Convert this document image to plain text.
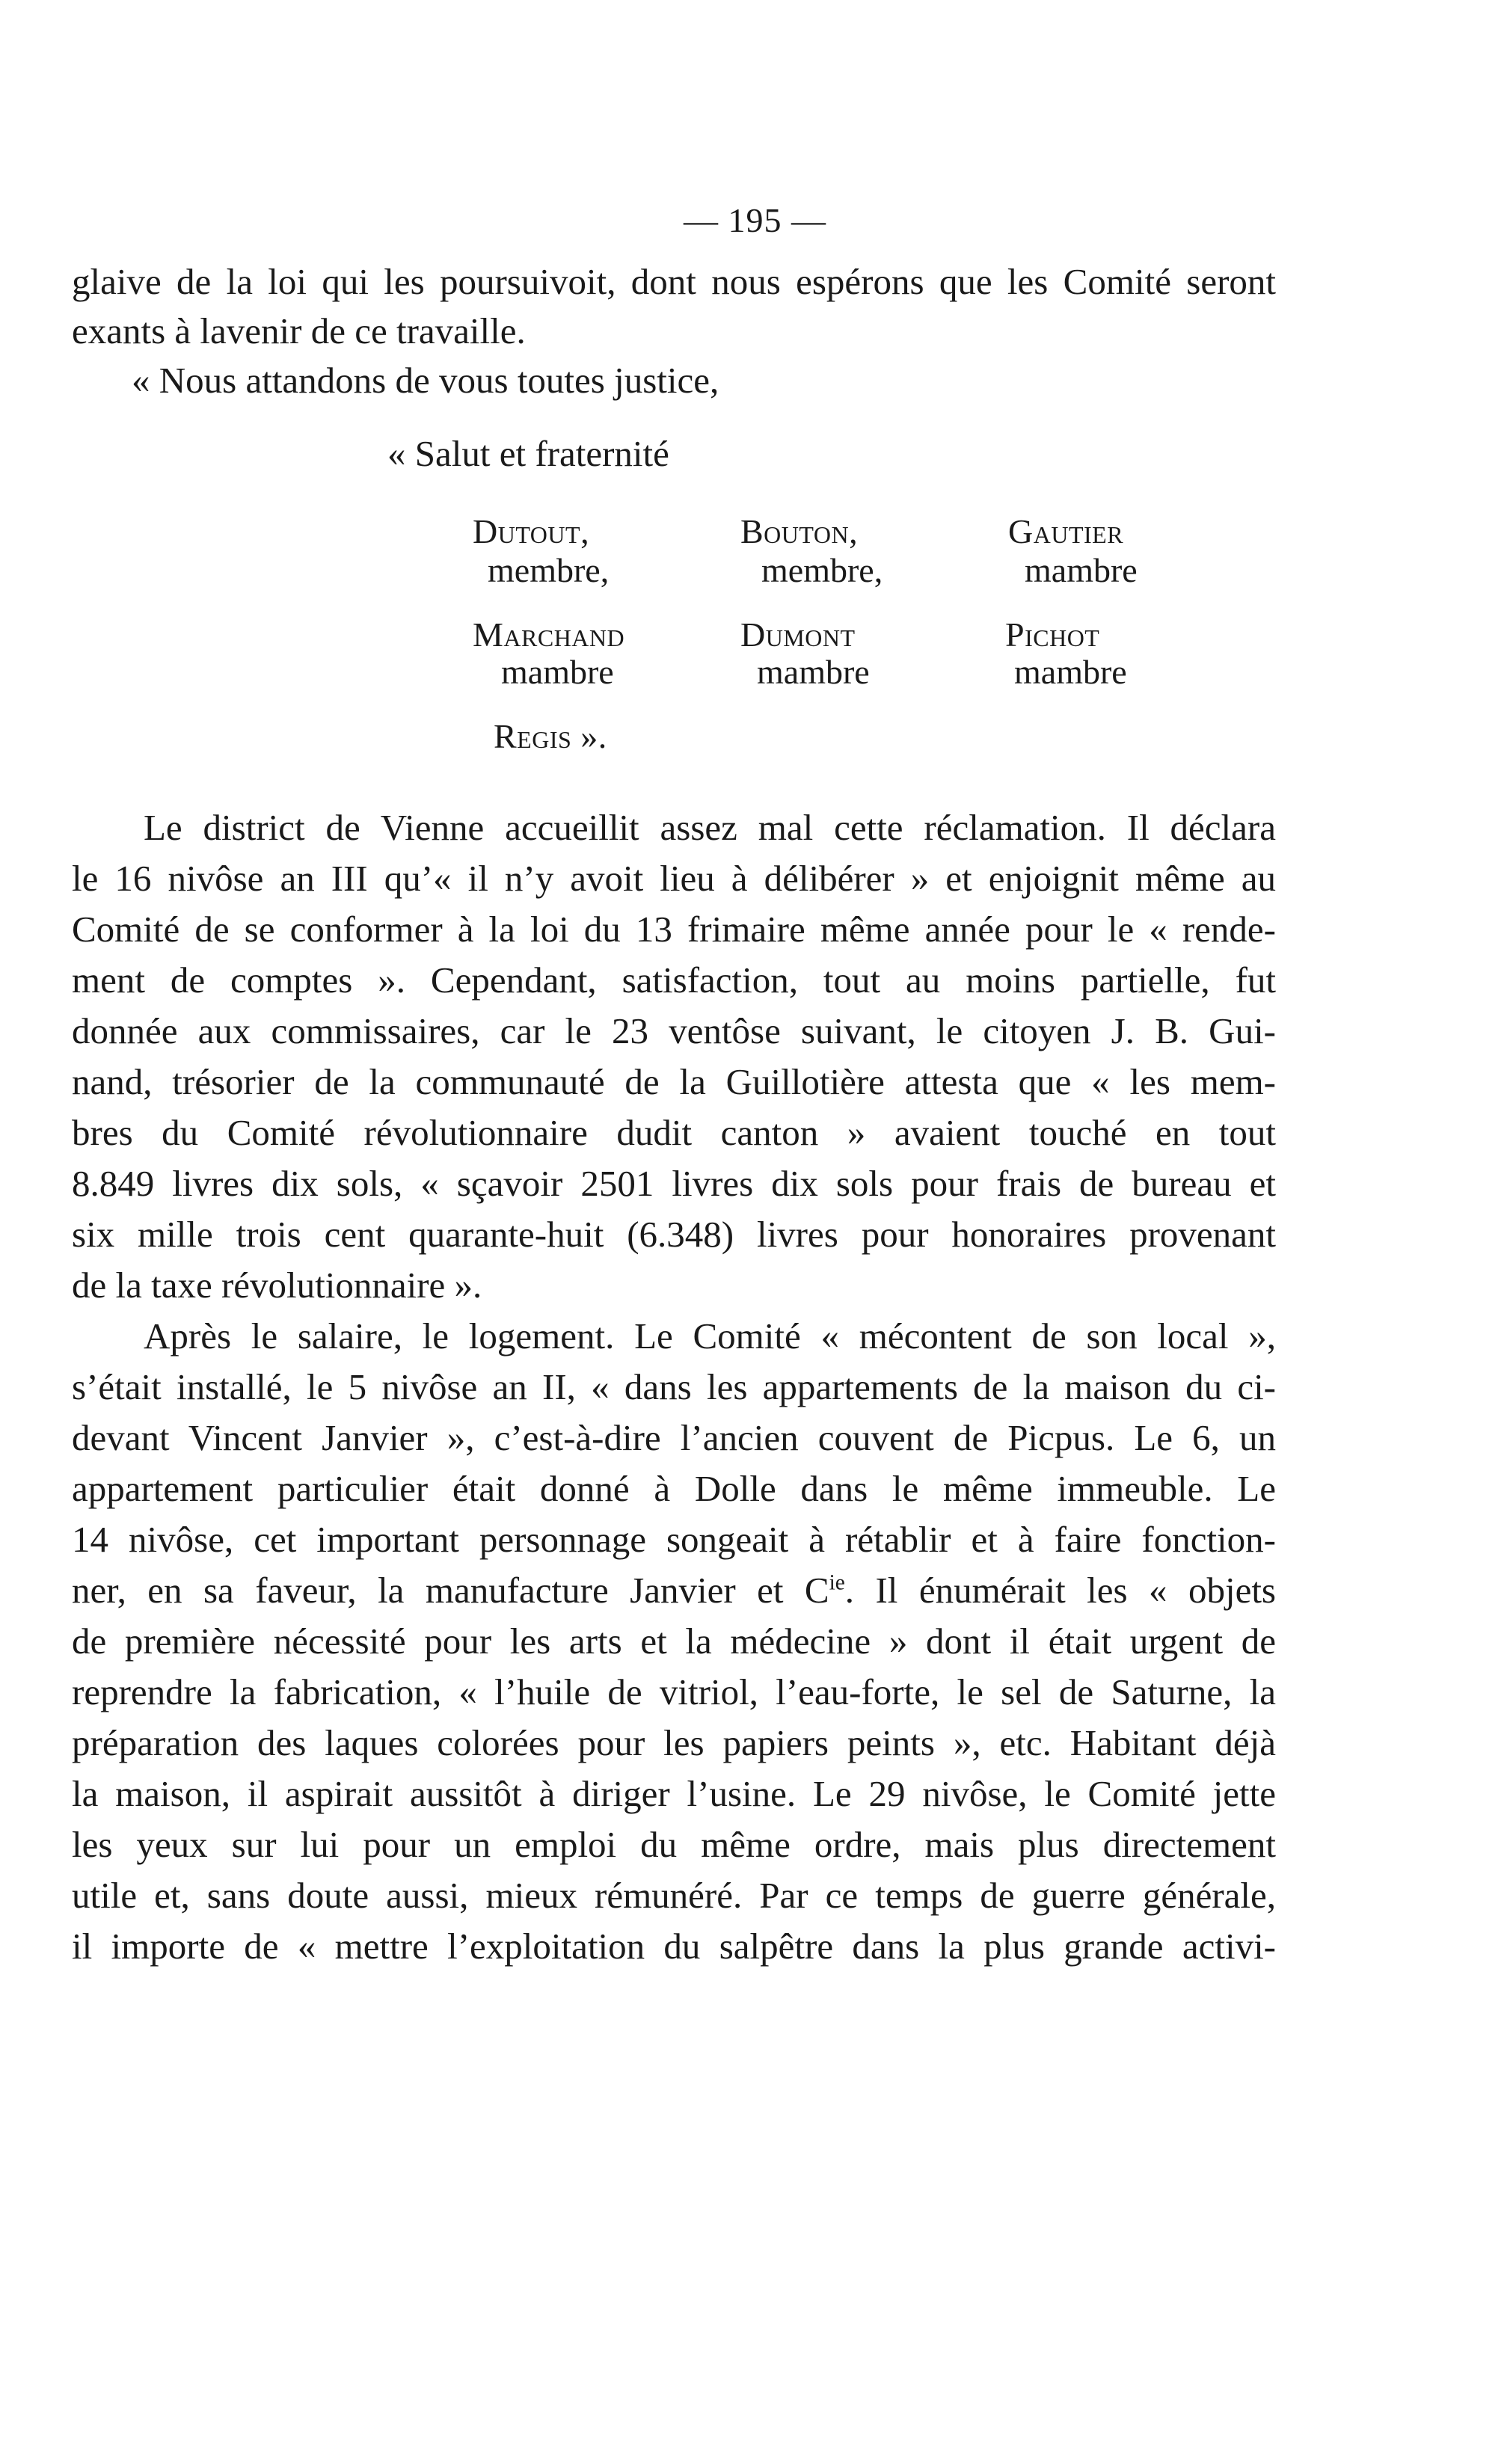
— 195 —
glaive de la loi qui les poursuivoit, dont nous espérons que les Comité seront
exants à lavenir de ce travaille.
« Nous attandons de vous toutes justice,
« Salut et fraternité
Dutout,
membre,
Bouton,
membre,
Gautier
mambre
Marchand
mambre
Dumont
mambre
Pichot
mambre
Regis ».
Le district de Vienne accueillit assez mal cette réclamation. Il déclara
le 16 nivôse an III qu’« il n’y avoit lieu à délibérer » et enjoignit même au
Comité de se conformer à la loi du 13 frimaire même année pour le « rende-
ment de comptes ». Cependant, satisfaction, tout au moins partielle, fut
donnée aux commissaires, car le 23 ventôse suivant, le citoyen J. B. Gui-
nand, trésorier de la communauté de la Guillotière attesta que « les mem-
bres du Comité révolutionnaire dudit canton » avaient touché en tout
8.849 livres dix sols, « sçavoir 2501 livres dix sols pour frais de bureau et
six mille trois cent quarante-huit (6.348) livres pour honoraires provenant
de la taxe révolutionnaire ».
Après le salaire, le logement. Le Comité « mécontent de son local »,
s’était installé, le 5 nivôse an II, « dans les appartements de la maison du ci-
devant Vincent Janvier », c’est-à-dire l’ancien couvent de Picpus. Le 6, un
appartement particulier était donné à Dolle dans le même immeuble. Le
14 nivôse, cet important personnage songeait à rétablir et à faire fonction-
ner, en sa faveur, la manufacture Janvier et $C^{ie}$. Il énumérait les « objets
de première nécessité pour les arts et la médecine » dont il était urgent de
reprendre la fabrication, « l’huile de vitriol, l’eau-forte, le sel de Saturne, la
préparation des laques colorées pour les papiers peints », etc. Habitant déjà
la maison, il aspirait aussitôt à diriger l’usine. Le 29 nivôse, le Comité jette
les yeux sur lui pour un emploi du même ordre, mais plus directement
utile et, sans doute aussi, mieux rémunéré. Par ce temps de guerre générale,
il importe de « mettre l’exploitation du salpêtre dans la plus grande activi-
